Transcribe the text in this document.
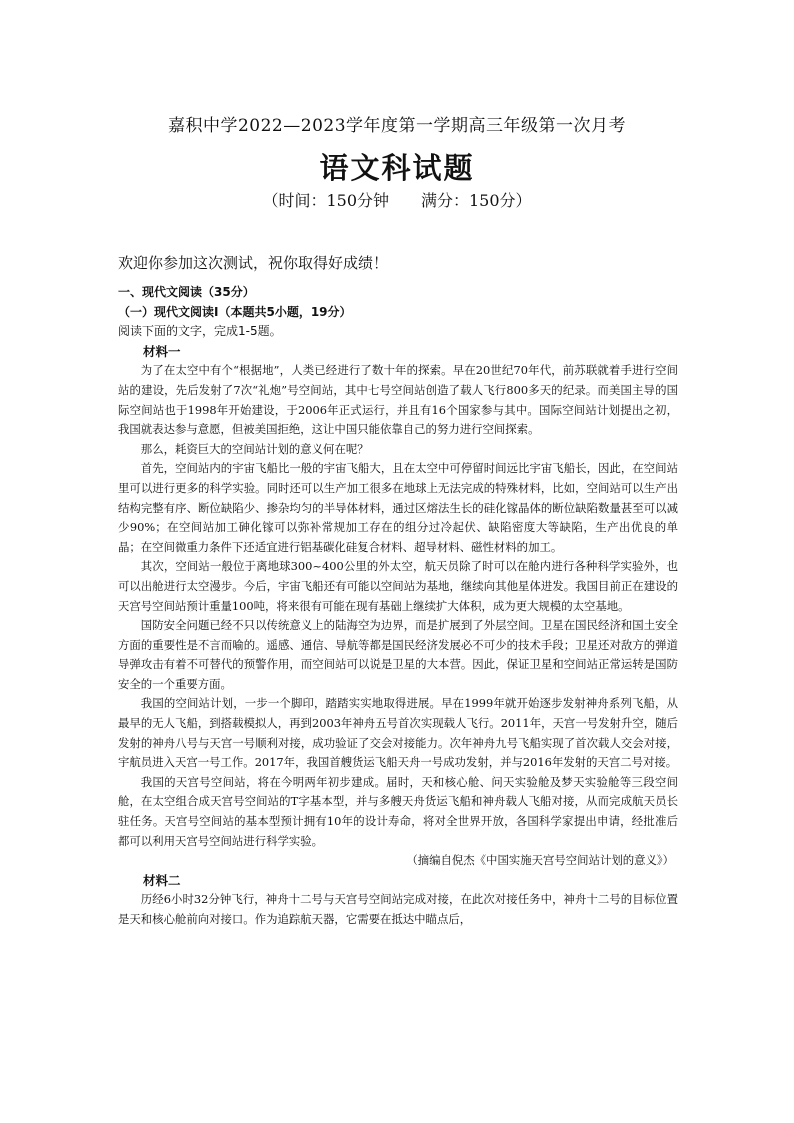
嘉积中学2022—2023学年度第一学期高三年级第一次月考
语文科试题
（时间：150分钟　　满分：150分）
欢迎你参加这次测试，祝你取得好成绩！

一、现代文阅读（35分）

（一）现代文阅读Ⅰ（本题共5小题，19分）

阅读下面的文字，完成1-5题。

材料一

为了在太空中有个“根据地”，人类已经进行了数十年的探索。早在20世纪70年代，前苏联就着手进行空间站的建设，先后发射了7次“礼炮”号空间站，其中七号空间站创造了载人飞行800多天的纪录。而美国主导的国际空间站也于1998年开始建设，于2006年正式运行，并且有16个国家参与其中。国际空间站计划提出之初，我国就表达参与意愿，但被美国拒绝，这让中国只能依靠自己的努力进行空间探索。

那么，耗资巨大的空间站计划的意义何在呢？

首先，空间站内的宇宙飞船比一般的宇宙飞船大，且在太空中可停留时间远比宇宙飞船长，因此，在空间站里可以进行更多的科学实验。同时还可以生产加工很多在地球上无法完成的特殊材料，比如，空间站可以生产出结构完整有序、断位缺陷少、掺杂均匀的半导体材料，通过区熔法生长的硅化镓晶体的断位缺陷数量甚至可以减少90%；在空间站加工砷化镓可以弥补常规加工存在的组分过冷起伏、缺陷密度大等缺陷，生产出优良的单晶；在空间微重力条件下还适宜进行铝基碳化硅复合材料、超导材料、磁性材料的加工。

其次，空间站一般位于离地球300~400公里的外太空，航天员除了时可以在舱内进行各种科学实验外，也可以出舱进行太空漫步。今后，宇宙飞船还有可能以空间站为基地，继续向其他星体进发。我国目前正在建设的天宫号空间站预计重量100吨，将来很有可能在现有基础上继续扩大体积，成为更大规模的太空基地。

国防安全问题已经不只以传统意义上的陆海空为边界，而是扩展到了外层空间。卫星在国民经济和国土安全方面的重要性是不言而喻的。遥感、通信、导航等都是国民经济发展必不可少的技术手段；卫星还对敌方的弹道导弹攻击有着不可替代的预警作用，而空间站可以说是卫星的大本营。因此，保证卫星和空间站正常运转是国防安全的一个重要方面。

我国的空间站计划，一步一个脚印，踏踏实实地取得进展。早在1999年就开始逐步发射神舟系列飞船，从最早的无人飞船，到搭载模拟人，再到2003年神舟五号首次实现载人飞行。2011年，天宫一号发射升空，随后发射的神舟八号与天宫一号顺利对接，成功验证了交会对接能力。次年神舟九号飞船实现了首次载人交会对接，宇航员进入天宫一号工作。2017年，我国首艘货运飞船天舟一号成功发射，并与2016年发射的天宫二号对接。

我国的天宫号空间站，将在今明两年初步建成。届时，天和核心舱、问天实验舱及梦天实验舱等三段空间舱，在太空组合成天宫号空间站的T字基本型，并与多艘天舟货运飞船和神舟载人飞船对接，从而完成航天员长驻任务。天宫号空间站的基本型预计拥有10年的设计寿命，将对全世界开放，各国科学家提出申请，经批准后都可以利用天宫号空间站进行科学实验。

（摘编自倪杰《中国实施天宫号空间站计划的意义》）

材料二

历经6小时32分钟飞行，神舟十二号与天宫号空间站完成对接，在此次对接任务中，神舟十二号的目标位置是天和核心舱前向对接口。作为追踪航天器，它需要在抵达中瞄点后，
